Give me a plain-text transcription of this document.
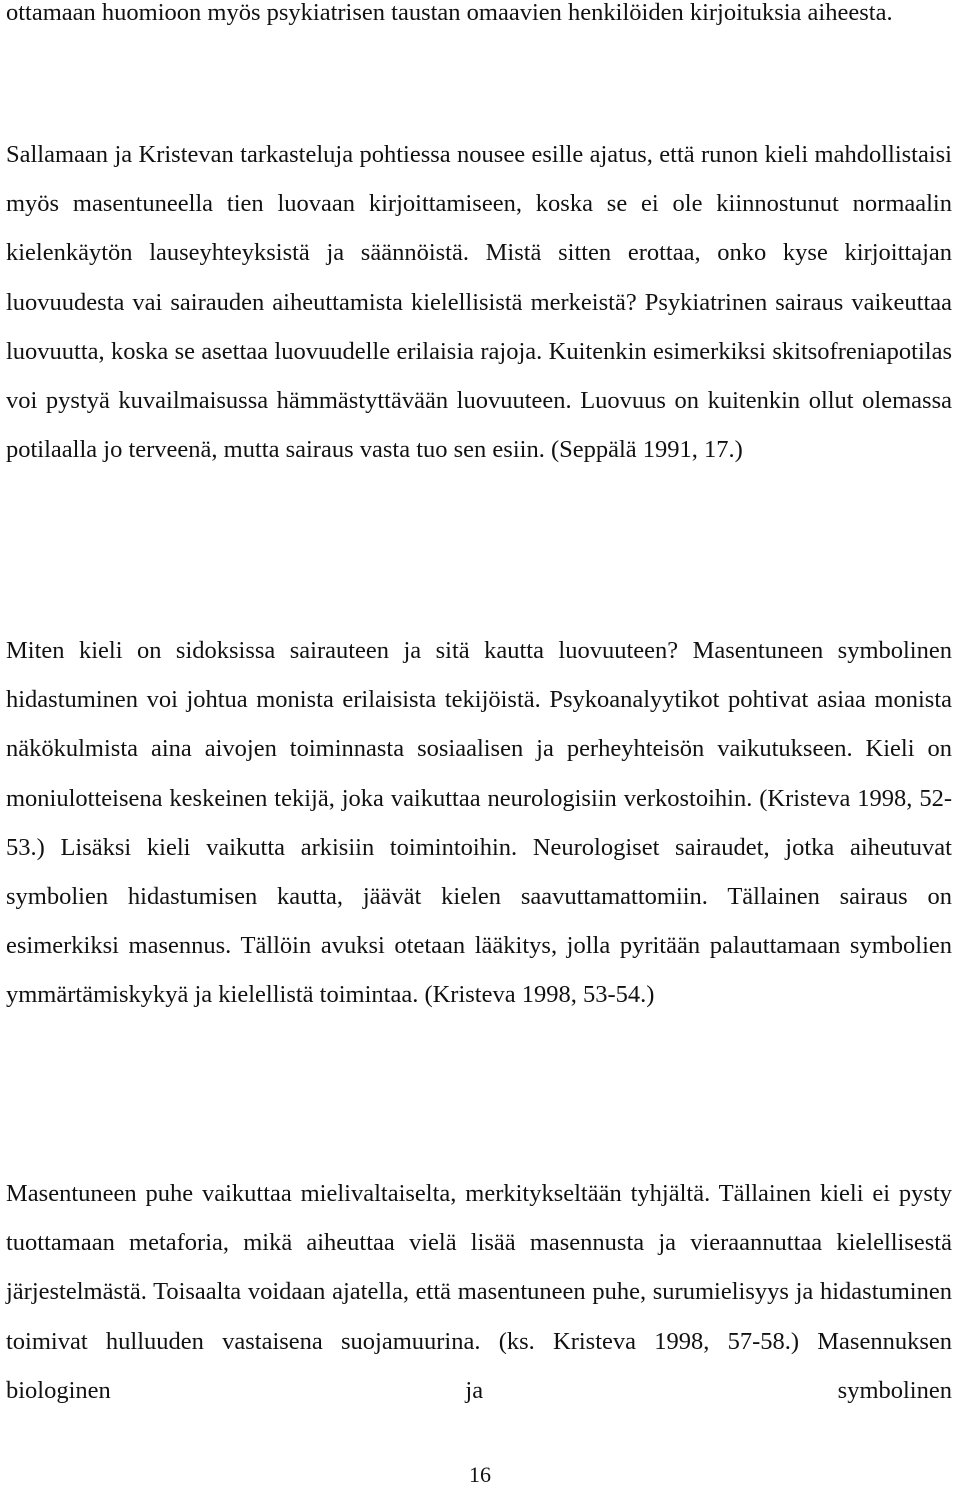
ottamaan huomioon myös psykiatrisen taustan omaavien henkilöiden kirjoituksia aiheesta.

Sallamaan ja Kristevan tarkasteluja pohtiessa nousee esille ajatus, että runon kieli mahdollistaisi myös masentuneella tien luovaan kirjoittamiseen, koska se ei ole kiinnostunut normaalin kielenkäytön lauseyhteyksistä ja säännöistä. Mistä sitten erottaa, onko kyse kirjoittajan luovuudesta vai sairauden aiheuttamista kielellisistä merkeistä? Psykiatrinen sairaus vaikeuttaa luovuutta, koska se asettaa luovuudelle erilaisia rajoja. Kuitenkin esimerkiksi skitsofreniapotilas voi pystyä kuvailmaisussa hämmästyttävään luovuuteen. Luovuus on kuitenkin ollut olemassa potilaalla jo terveenä, mutta sairaus vasta tuo sen esiin. (Seppälä 1991, 17.)

Miten kieli on sidoksissa sairauteen ja sitä kautta luovuuteen? Masentuneen symbolinen hidastuminen voi johtua monista erilaisista tekijöistä. Psykoanalyytikot pohtivat asiaa monista näkökulmista aina aivojen toiminnasta sosiaalisen ja perheyhteisön vaikutukseen. Kieli on moniulotteisena keskeinen tekijä, joka vaikuttaa neurologisiin verkostoihin. (Kristeva 1998, 52-53.) Lisäksi kieli vaikutta arkisiin toimintoihin. Neurologiset sairaudet, jotka aiheutuvat symbolien hidastumisen kautta, jäävät kielen saavuttamattomiin. Tällainen sairaus on esimerkiksi masennus. Tällöin avuksi otetaan lääkitys, jolla pyritään palauttamaan symbolien ymmärtämiskykyä ja kielellistä toimintaa. (Kristeva 1998, 53-54.)

Masentuneen puhe vaikuttaa mielivaltaiselta, merkitykseltään tyhjältä. Tällainen kieli ei pysty tuottamaan metaforia, mikä aiheuttaa vielä lisää masennusta ja vieraannuttaa kielellisestä järjestelmästä. Toisaalta voidaan ajatella, että masentuneen puhe, surumielisyys ja hidastuminen toimivat hulluuden vastaisena suojamuurina. (ks. Kristeva 1998, 57-58.) Masennuksen biologinen ja symbolinen

16
